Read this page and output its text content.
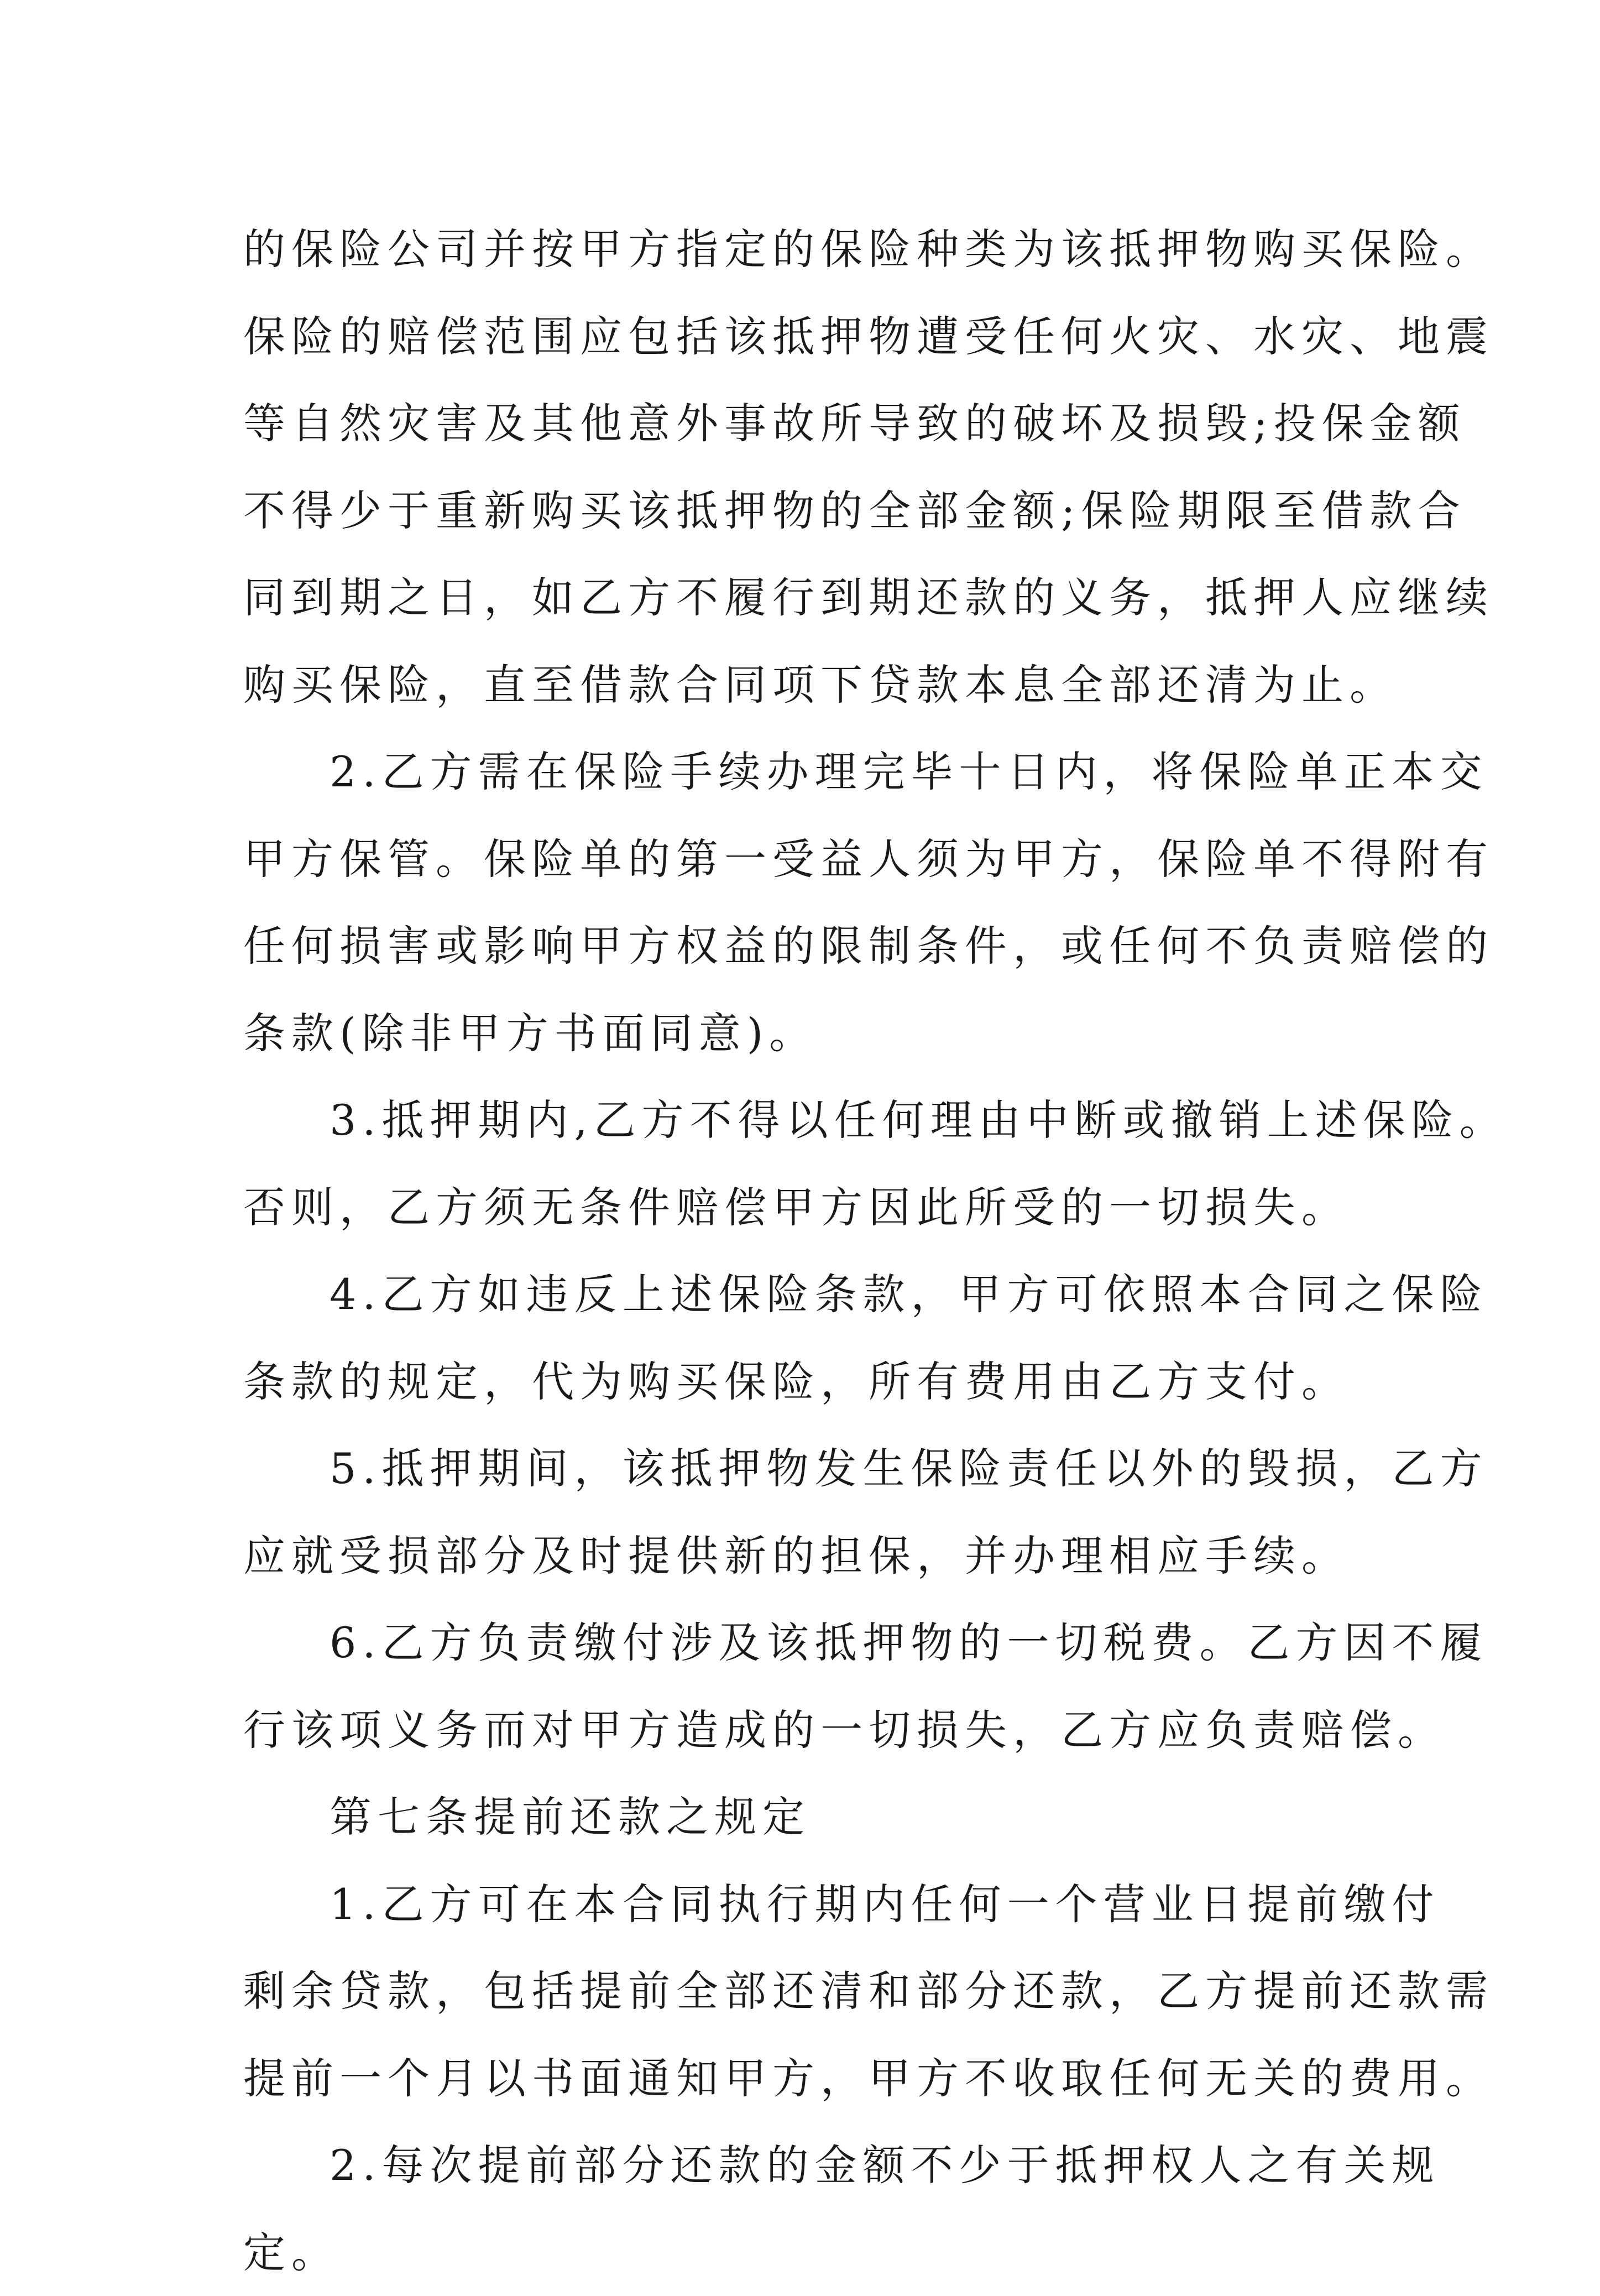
的保险公司并按甲方指定的保险种类为该抵押物购买保险。
保险的赔偿范围应包括该抵押物遭受任何火灾、水灾、地震
等自然灾害及其他意外事故所导致的破坏及损毁;投保金额
不得少于重新购买该抵押物的全部金额;保险期限至借款合
同到期之日，如乙方不履行到期还款的义务，抵押人应继续
购买保险，直至借款合同项下贷款本息全部还清为止。
2.乙方需在保险手续办理完毕十日内，将保险单正本交
甲方保管。保险单的第一受益人须为甲方，保险单不得附有
任何损害或影响甲方权益的限制条件，或任何不负责赔偿的
条款(除非甲方书面同意)。
3.抵押期内,乙方不得以任何理由中断或撤销上述保险。
否则，乙方须无条件赔偿甲方因此所受的一切损失。
4.乙方如违反上述保险条款，甲方可依照本合同之保险
条款的规定，代为购买保险，所有费用由乙方支付。
5.抵押期间，该抵押物发生保险责任以外的毁损，乙方
应就受损部分及时提供新的担保，并办理相应手续。
6.乙方负责缴付涉及该抵押物的一切税费。乙方因不履
行该项义务而对甲方造成的一切损失，乙方应负责赔偿。
第七条提前还款之规定
1.乙方可在本合同执行期内任何一个营业日提前缴付
剩余贷款，包括提前全部还清和部分还款，乙方提前还款需
提前一个月以书面通知甲方，甲方不收取任何无关的费用。
2.每次提前部分还款的金额不少于抵押权人之有关规
定。
